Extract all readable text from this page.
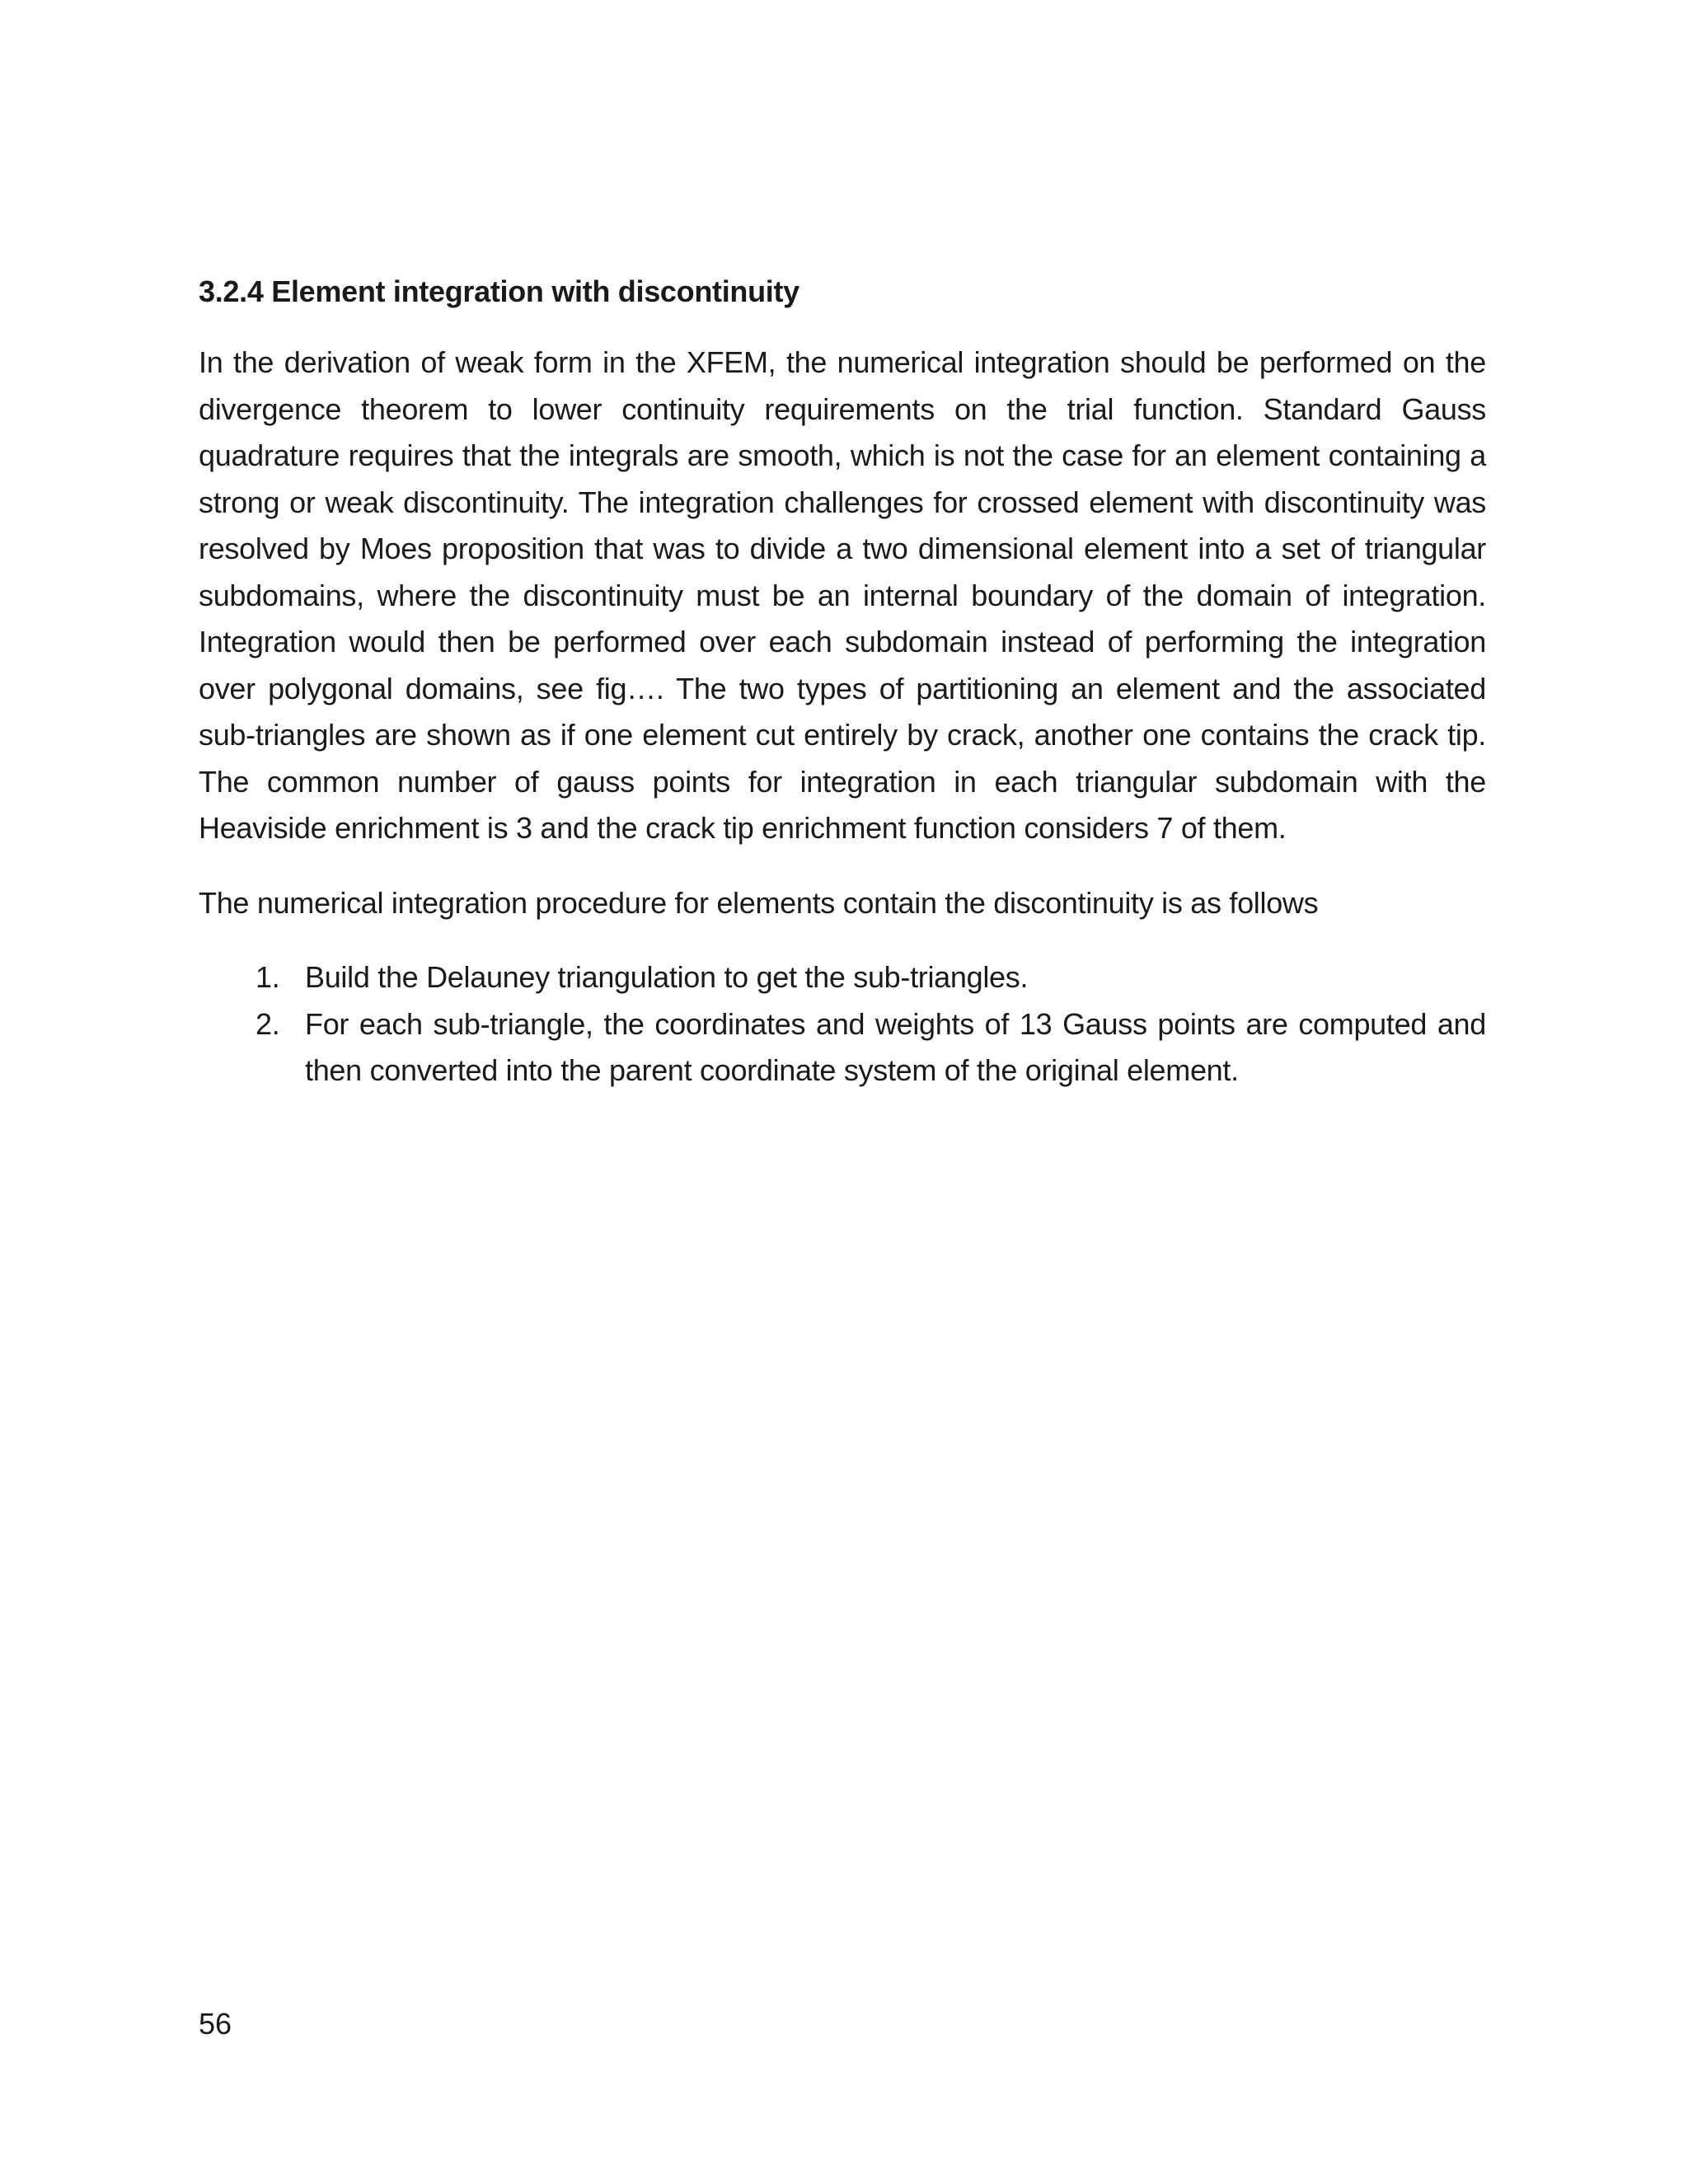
3.2.4 Element integration with discontinuity

In the derivation of weak form in the XFEM, the numerical integration should be performed on the divergence theorem to lower continuity requirements on the trial function. Standard Gauss quadrature requires that the integrals are smooth, which is not the case for an element containing a strong or weak discontinuity. The integration challenges for crossed element with discontinuity was resolved by Moes proposition that was to divide a two dimensional element into a set of triangular subdomains, where the discontinuity must be an internal boundary of the domain of integration. Integration would then be performed over each subdomain instead of performing the integration over polygonal domains, see fig…. The two types of partitioning an element and the associated sub-triangles are shown as if one element cut entirely by crack, another one contains the crack tip. The common number of gauss points for integration in each triangular subdomain with the Heaviside enrichment is 3 and the crack tip enrichment function considers 7 of them.

The numerical integration procedure for elements contain the discontinuity is as follows

1. Build the Delauney triangulation to get the sub-triangles.
2. For each sub-triangle, the coordinates and weights of 13 Gauss points are computed and then converted into the parent coordinate system of the original element.
56
